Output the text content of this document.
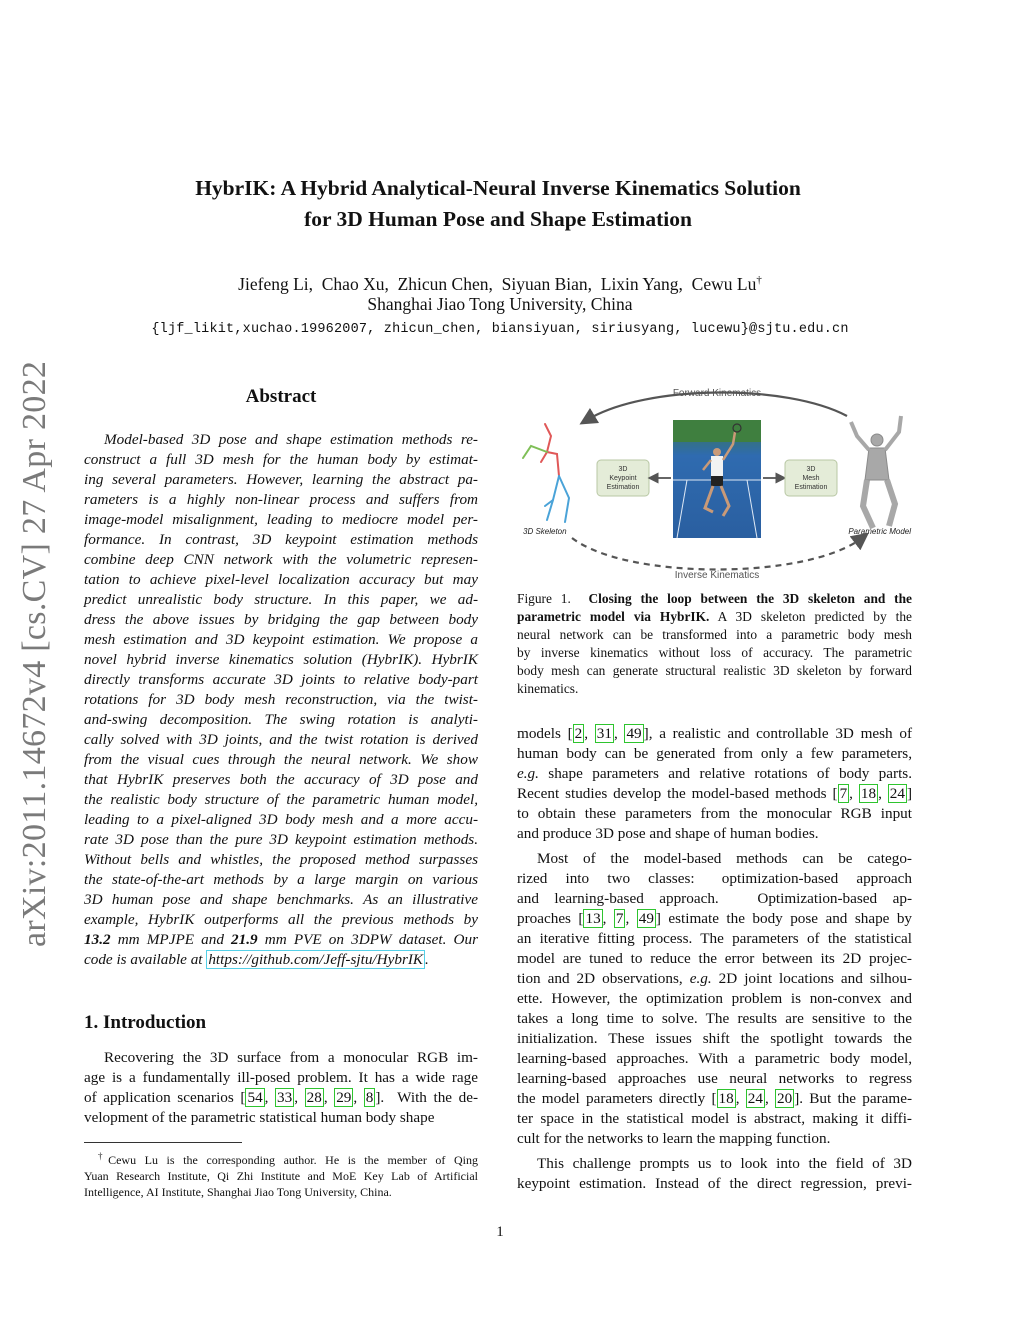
arXiv:2011.14672v4 [cs.CV] 27 Apr 2022
HybrIK: A Hybrid Analytical-Neural Inverse Kinematics Solution
for 3D Human Pose and Shape Estimation
Jiefeng Li,  Chao Xu,  Zhicun Chen,  Siyuan Bian,  Lixin Yang,  Cewu Lu†
Shanghai Jiao Tong University, China
{ljf_likit,xuchao.19962007, zhicun_chen, biansiyuan, siriusyang, lucewu}@sjtu.edu.cn
Abstract
Model-based 3D pose and shape estimation methods re-
construct a full 3D mesh for the human body by estimat-
ing several parameters. However, learning the abstract pa-
rameters is a highly non-linear process and suffers from
image-model misalignment, leading to mediocre model per-
formance. In contrast, 3D keypoint estimation methods
combine deep CNN network with the volumetric represen-
tation to achieve pixel-level localization accuracy but may
predict unrealistic body structure. In this paper, we ad-
dress the above issues by bridging the gap between body
mesh estimation and 3D keypoint estimation. We propose a
novel hybrid inverse kinematics solution (HybrIK). HybrIK
directly transforms accurate 3D joints to relative body-part
rotations for 3D body mesh reconstruction, via the twist-
and-swing decomposition. The swing rotation is analyti-
cally solved with 3D joints, and the twist rotation is derived
from the visual cues through the neural network. We show
that HybrIK preserves both the accuracy of 3D pose and
the realistic body structure of the parametric human model,
leading to a pixel-aligned 3D body mesh and a more accu-
rate 3D pose than the pure 3D keypoint estimation methods.
Without bells and whistles, the proposed method surpasses
the state-of-the-art methods by a large margin on various
3D human pose and shape benchmarks. As an illustrative
example, HybrIK outperforms all the previous methods by
13.2 mm MPJPE and 21.9 mm PVE on 3DPW dataset. Our
code is available at https://github.com/Jeff-sjtu/HybrIK .
1. Introduction
Recovering the 3D surface from a monocular RGB im-
age is a fundamentally ill-posed problem. It has a wide rage
of application scenarios [ 54 , 33 , 28 , 29 , 8 ].  With the de-
velopment of the parametric statistical human body shape
†Cewu Lu is the corresponding author. He is the member of Qing
Yuan Research Institute, Qi Zhi Institute and MoE Key Lab of Artificial
Intelligence, AI Institute, Shanghai Jiao Tong University, China.
Forward Kinematics
Inverse Kinematics
3D Skeleton
3D
Keypoint
Estimation
3D
Mesh
Estimation
Parametric Model
Figure 1.  Closing the loop between the 3D skeleton and the
parametric model via HybrIK. A 3D skeleton predicted by the
neural network can be transformed into a parametric body mesh
by inverse kinematics without loss of accuracy. The parametric
body mesh can generate structural realistic 3D skeleton by forward
kinematics.
models [ 2 , 31 , 49 ], a realistic and controllable 3D mesh of
human body can be generated from only a few parameters,
e.g. shape parameters and relative rotations of body parts.
Recent studies develop the model-based methods [ 7 , 18 , 24 ]
to obtain these parameters from the monocular RGB input
and produce 3D pose and shape of human bodies.
Most of the model-based methods can be catego-
rized  into  two  classes:   optimization-based  approach
and  learning-based  approach.     Optimization-based  ap-
proaches [ 13 , 7 , 49 ] estimate the body pose and shape by
an iterative fitting process. The parameters of the statistical
model are tuned to reduce the error between its 2D projec-
tion and 2D observations, e.g. 2D joint locations and silhou-
ette. However, the optimization problem is non-convex and
takes a long time to solve. The results are sensitive to the
initialization. These issues shift the spotlight towards the
learning-based approaches. With a parametric body model,
learning-based approaches use neural networks to regress
the model parameters directly [ 18 , 24 , 20 ]. But the parame-
ter space in the statistical model is abstract, making it diffi-
cult for the networks to learn the mapping function.
This challenge prompts us to look into the field of 3D
keypoint estimation. Instead of the direct regression, previ-
1
